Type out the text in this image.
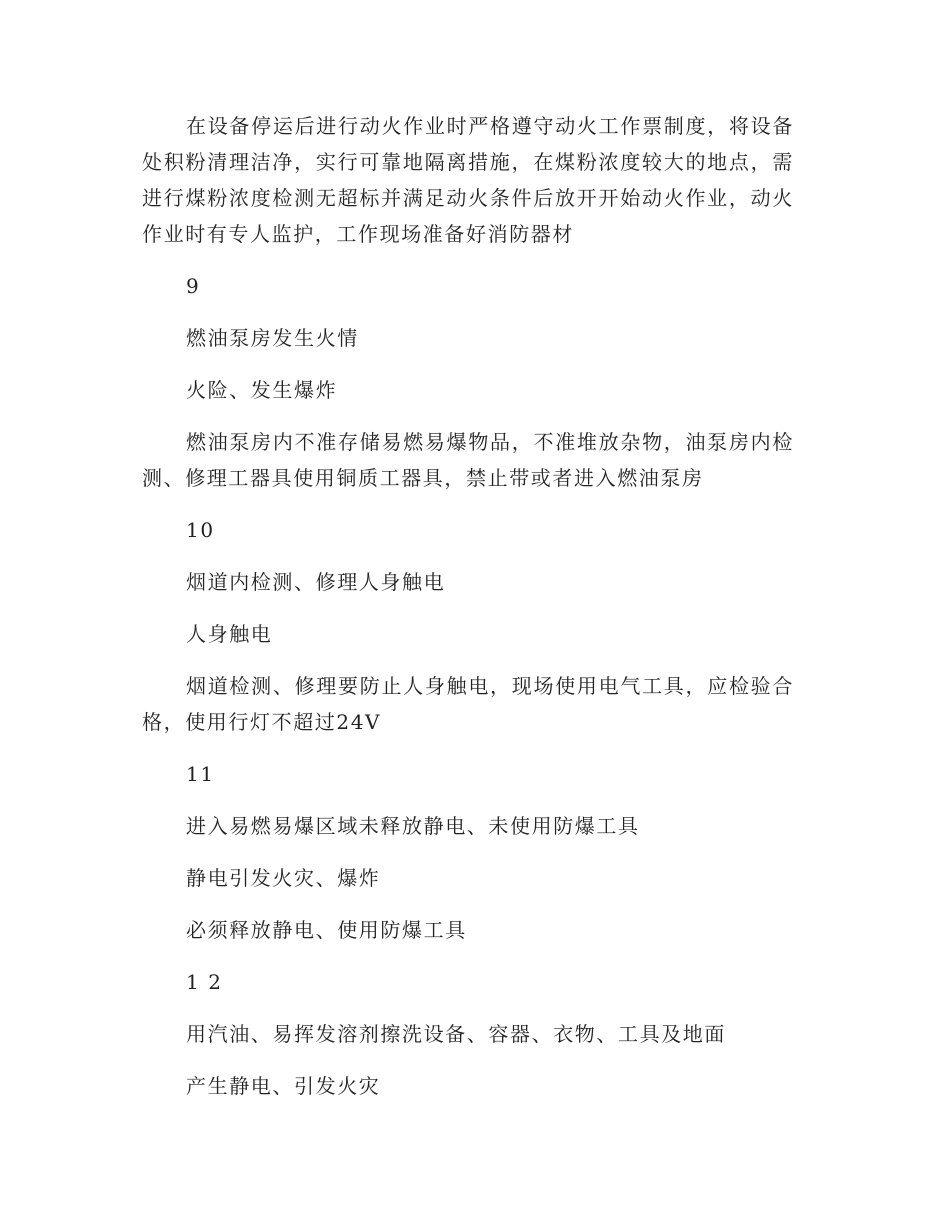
在设备停运后进行动火作业时严格遵守动火工作票制度，将设备处积粉清理洁净，实行可靠地隔离措施，在煤粉浓度较大的地点，需进行煤粉浓度检测无超标并满足动火条件后放开开始动火作业，动火作业时有专人监护，工作现场准备好消防器材

9

燃油泵房发生火情

火险、发生爆炸

燃油泵房内不准存储易燃易爆物品，不准堆放杂物，油泵房内检测、修理工器具使用铜质工器具，禁止带或者进入燃油泵房

10

烟道内检测、修理人身触电

人身触电

烟道检测、修理要防止人身触电，现场使用电气工具，应检验合格，使用行灯不超过24V

11

进入易燃易爆区域未释放静电、未使用防爆工具

静电引发火灾、爆炸

必须释放静电、使用防爆工具

1 2

用汽油、易挥发溶剂擦洗设备、容器、衣物、工具及地面

产生静电、引发火灾
